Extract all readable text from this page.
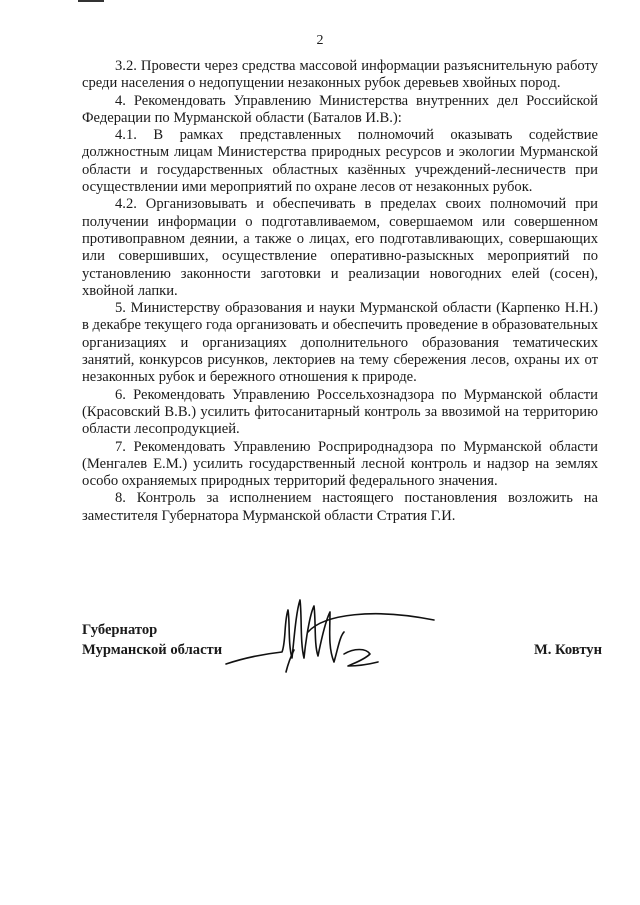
2

3.2. Провести через средства массовой информации разъяснительную работу среди населения о недопущении незаконных рубок деревьев хвойных пород.

4. Рекомендовать Управлению Министерства внутренних дел Российской Федерации по Мурманской области (Баталов И.В.):

4.1. В рамках представленных полномочий оказывать содействие должностным лицам Министерства природных ресурсов и экологии Мурманской области и государственных областных казённых учреждений-лесничеств при осуществлении ими мероприятий по охране лесов от незаконных рубок.

4.2. Организовывать и обеспечивать в пределах своих полномочий при получении информации о подготавливаемом, совершаемом или совершенном противоправном деянии, а также о лицах, его подготавливающих, совершающих или совершивших, осуществление оперативно-разыскных мероприятий по установлению законности заготовки и реализации новогодних елей (сосен), хвойной лапки.

5. Министерству образования и науки Мурманской области (Карпенко Н.Н.) в декабре текущего года организовать и обеспечить проведение в образовательных организациях и организациях дополнительного образования тематических занятий, конкурсов рисунков, лекториев на тему сбережения лесов, охраны их от незаконных рубок и бережного отношения к природе.

6. Рекомендовать Управлению Россельхознадзора по Мурманской области (Красовский В.В.) усилить фитосанитарный контроль за ввозимой на территорию области лесопродукцией.

7. Рекомендовать Управлению Росприроднадзора по Мурманской области (Менгалев Е.М.) усилить государственный лесной контроль и надзор на землях особо охраняемых природных территорий федерального значения.

8. Контроль за исполнением настоящего постановления возложить на заместителя Губернатора Мурманской области Стратия Г.И.

Губернатор
Мурманской области	М. Ковтун
